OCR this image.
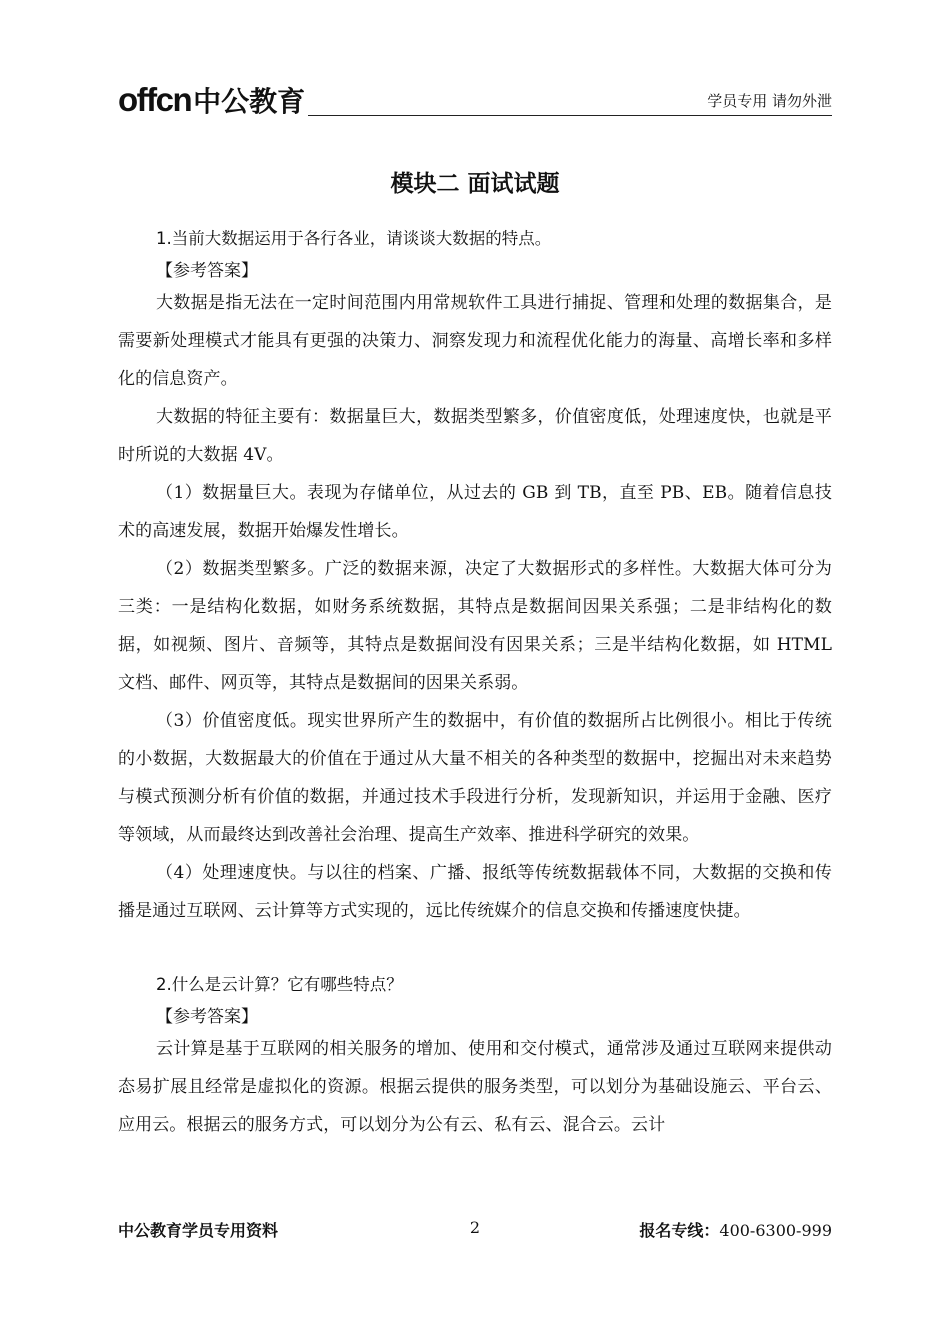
offcn 中公教育	学员专用 请勿外泄
模块二 面试试题

1.当前大数据运用于各行各业，请谈谈大数据的特点。

【参考答案】

大数据是指无法在一定时间范围内用常规软件工具进行捕捉、管理和处理的数据集合，是需要新处理模式才能具有更强的决策力、洞察发现力和流程优化能力的海量、高增长率和多样化的信息资产。

大数据的特征主要有：数据量巨大，数据类型繁多，价值密度低，处理速度快，也就是平时所说的大数据 4V。

（1）数据量巨大。表现为存储单位，从过去的 GB 到 TB，直至 PB、EB。随着信息技术的高速发展，数据开始爆发性增长。

（2）数据类型繁多。广泛的数据来源，决定了大数据形式的多样性。大数据大体可分为三类：一是结构化数据，如财务系统数据，其特点是数据间因果关系强；二是非结构化的数据，如视频、图片、音频等，其特点是数据间没有因果关系；三是半结构化数据，如 HTML 文档、邮件、网页等，其特点是数据间的因果关系弱。

（3）价值密度低。现实世界所产生的数据中，有价值的数据所占比例很小。相比于传统的小数据，大数据最大的价值在于通过从大量不相关的各种类型的数据中，挖掘出对未来趋势与模式预测分析有价值的数据，并通过技术手段进行分析，发现新知识，并运用于金融、医疗等领域，从而最终达到改善社会治理、提高生产效率、推进科学研究的效果。

（4）处理速度快。与以往的档案、广播、报纸等传统数据载体不同，大数据的交换和传播是通过互联网、云计算等方式实现的，远比传统媒介的信息交换和传播速度快捷。

2.什么是云计算？它有哪些特点？

【参考答案】

云计算是基于互联网的相关服务的增加、使用和交付模式，通常涉及通过互联网来提供动态易扩展且经常是虚拟化的资源。根据云提供的服务类型，可以划分为基础设施云、平台云、应用云。根据云的服务方式，可以划分为公有云、私有云、混合云。云计

中公教育学员专用资料	2	报名专线：400-6300-999
